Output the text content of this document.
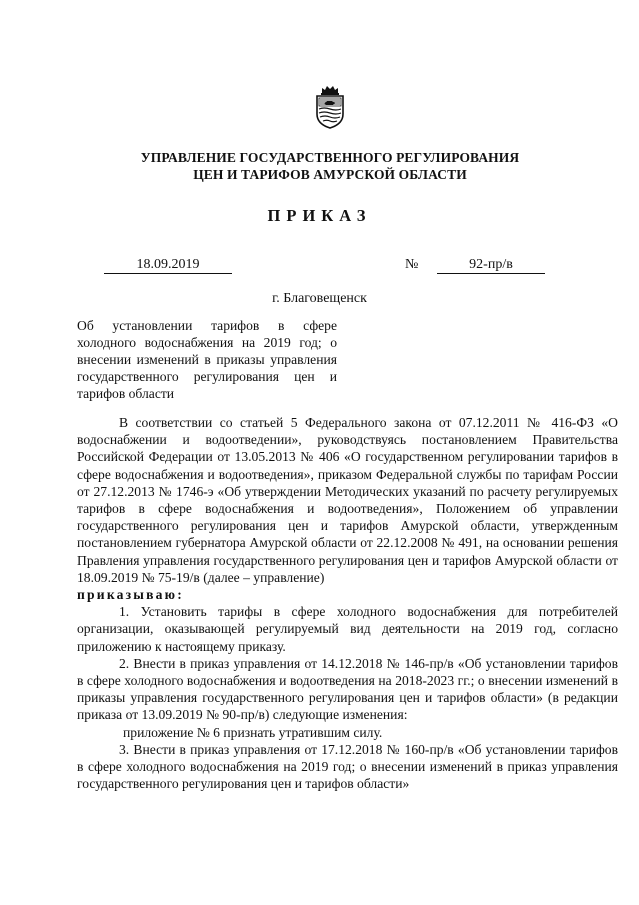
УПРАВЛЕНИЕ ГОСУДАРСТВЕННОГО РЕГУЛИРОВАНИЯ
ЦЕН И ТАРИФОВ АМУРСКОЙ ОБЛАСТИ
ПРИКАЗ
18.09.2019	№	92-пр/в
г. Благовещенск
Об установлении тарифов в сфере холодного водоснабжения на 2019 год; о внесении изменений в приказы управления государственного регулирования цен и тарифов области

В соответствии со статьей 5 Федерального закона от 07.12.2011 № 416-ФЗ «О водоснабжении и водоотведении», руководствуясь постановлением Правительства Российской Федерации от 13.05.2013 № 406 «О государственном регулировании тарифов в сфере водоснабжения и водоотведения», приказом Федеральной службы по тарифам России от 27.12.2013 № 1746-э «Об утверждении Методических указаний по расчету регулируемых тарифов в сфере водоснабжения и водоотведения», Положением об управлении государственного регулирования цен и тарифов Амурской области, утвержденным постановлением губернатора Амурской области от 22.12.2008 № 491, на основании решения Правления управления государственного регулирования цен и тарифов Амурской области от 18.09.2019 № 75-19/в (далее – управление)

приказываю:

1. Установить тарифы в сфере холодного водоснабжения для потребителей организации, оказывающей регулируемый вид деятельности на 2019 год, согласно приложению к настоящему приказу.

2. Внести в приказ управления от 14.12.2018 № 146-пр/в «Об установлении тарифов в сфере холодного водоснабжения и водоотведения на 2018-2023 гг.; о внесении изменений в приказы управления государственного регулирования цен и тарифов области» (в редакции приказа от 13.09.2019 № 90-пр/в) следующие изменения:

приложение № 6 признать утратившим силу.

3. Внести в приказ управления от 17.12.2018 № 160-пр/в «Об установлении тарифов в сфере холодного водоснабжения на 2019 год; о внесении изменений в приказ управления государственного регулирования цен и тарифов области»
